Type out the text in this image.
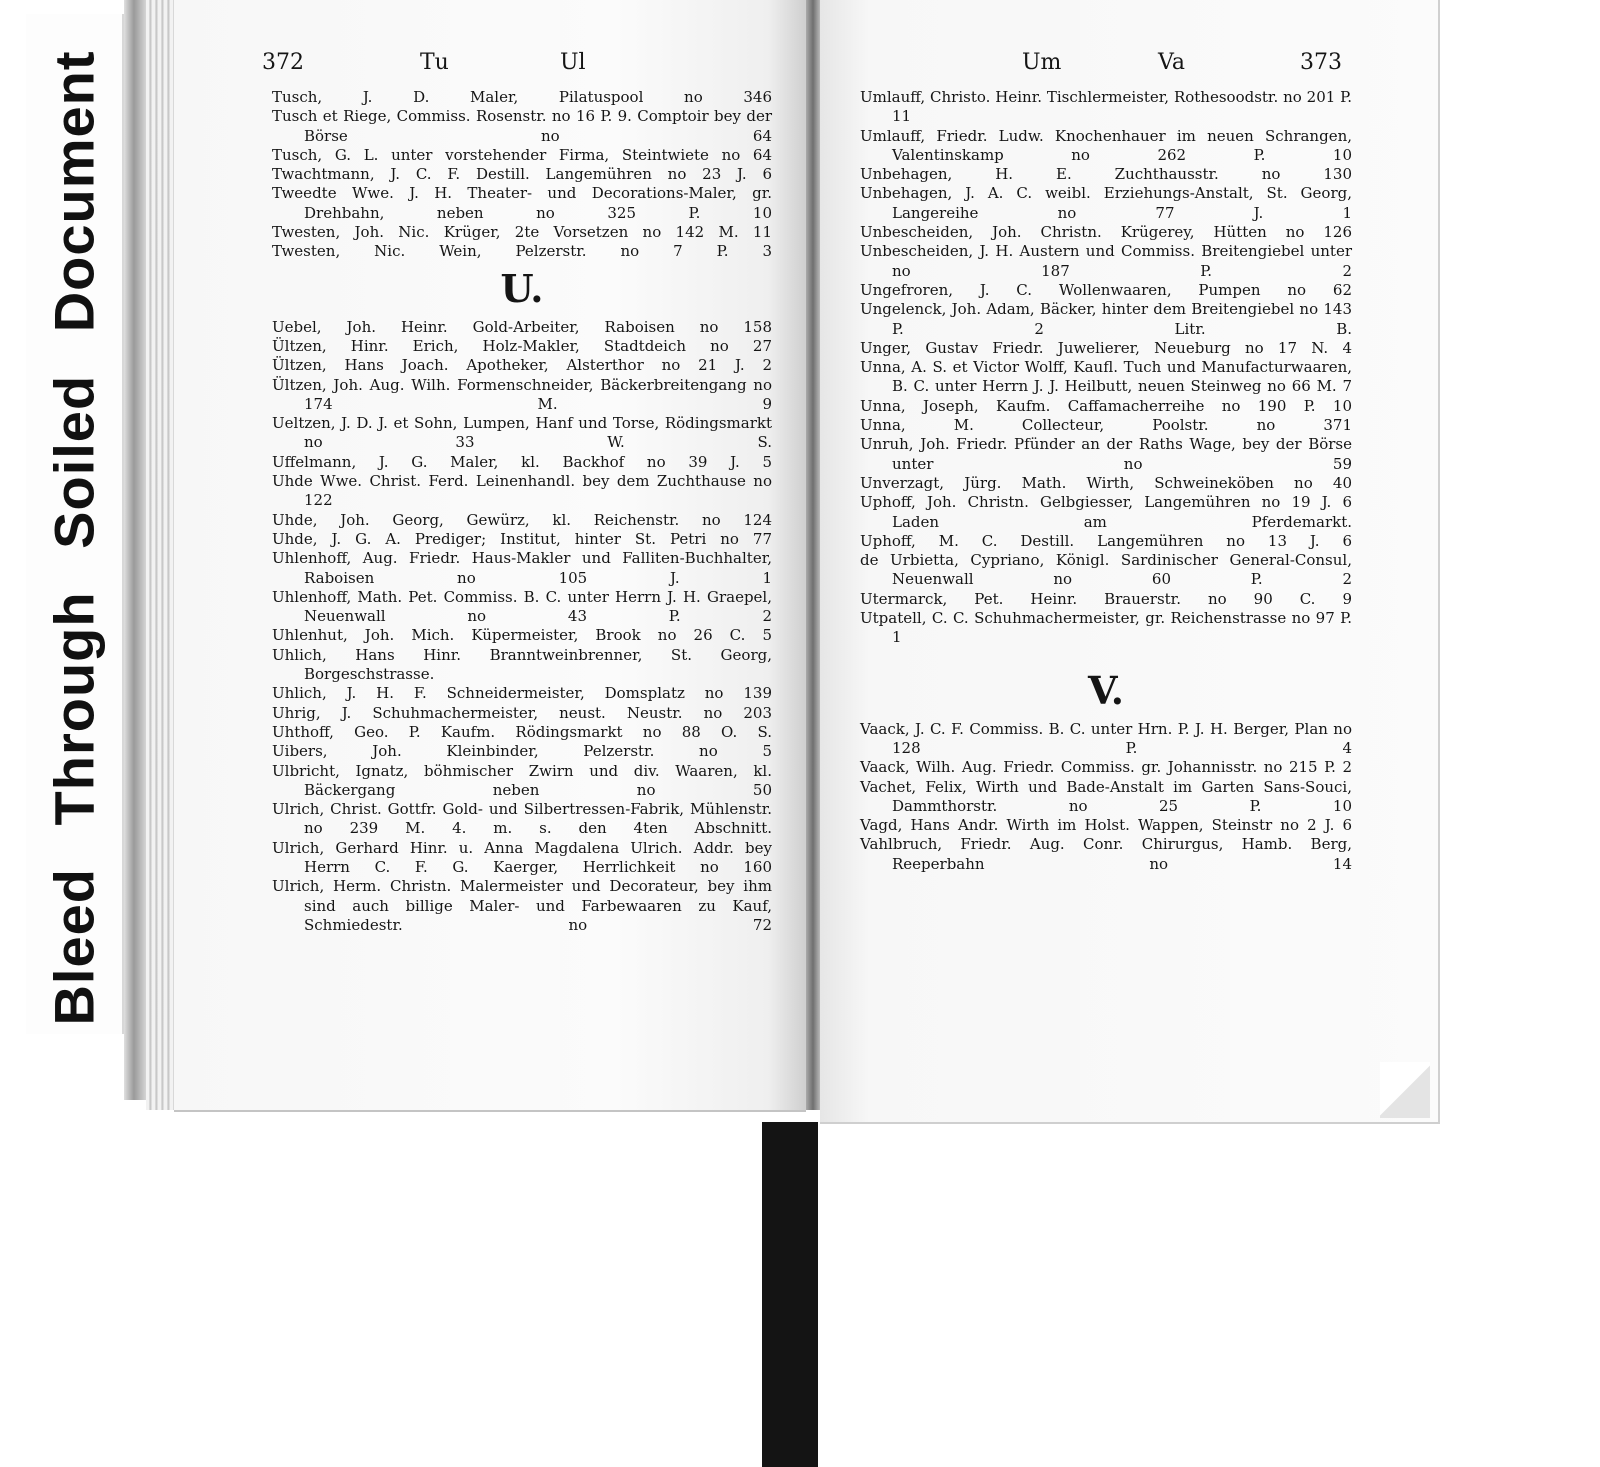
Bleed Through Soiled Document	372	Tu	Ul	Um	Va	373
Tusch, J. D. Maler, Pilatuspool no 346
Tusch et Riege, Commiss. Rosenstr. no 16 P. 9. Comptoir bey der Börse no 64
Tusch, G. L. unter vorstehender Firma, Steintwiete no 64
Twachtmann, J. C. F. Destill. Langemühren no 23 J. 6
Tweedte Wwe. J. H. Theater- und Decorations-Maler, gr. Drehbahn, neben no 325 P. 10
Twesten, Joh. Nic. Krüger, 2te Vorsetzen no 142 M. 11
Twesten, Nic. Wein, Pelzerstr. no 7 P. 3
U.
Uebel, Joh. Heinr. Gold-Arbeiter, Raboisen no 158
Ültzen, Hinr. Erich, Holz-Makler, Stadtdeich no 27
Ültzen, Hans Joach. Apotheker, Alsterthor no 21 J. 2
Ültzen, Joh. Aug. Wilh. Formenschneider, Bäckerbreitengang no 174 M. 9
Ueltzen, J. D. J. et Sohn, Lumpen, Hanf und Torse, Rödingsmarkt no 33 W. S.
Uffelmann, J. G. Maler, kl. Backhof no 39 J. 5
Uhde Wwe. Christ. Ferd. Leinenhandl. bey dem Zuchthause no 122
Uhde, Joh. Georg, Gewürz, kl. Reichenstr. no 124
Uhde, J. G. A. Prediger; Institut, hinter St. Petri no 77
Uhlenhoff, Aug. Friedr. Haus-Makler und Falliten-Buchhalter, Raboisen no 105 J. 1
Uhlenhoff, Math. Pet. Commiss. B. C. unter Herrn J. H. Graepel, Neuenwall no 43 P. 2
Uhlenhut, Joh. Mich. Küpermeister, Brook no 26 C. 5
Uhlich, Hans Hinr. Branntweinbrenner, St. Georg, Borgeschstrasse.
Uhlich, J. H. F. Schneidermeister, Domsplatz no 139
Uhrig, J. Schuhmachermeister, neust. Neustr. no 203
Uhthoff, Geo. P. Kaufm. Rödingsmarkt no 88 O. S.
Uibers, Joh. Kleinbinder, Pelzerstr. no 5
Ulbricht, Ignatz, böhmischer Zwirn und div. Waaren, kl. Bäckergang neben no 50
Ulrich, Christ. Gottfr. Gold- und Silbertressen-Fabrik, Mühlenstr. no 239 M. 4. m. s. den 4ten Abschnitt.
Ulrich, Gerhard Hinr. u. Anna Magdalena Ulrich. Addr. bey Herrn C. F. G. Kaerger, Herrlichkeit no 160
Ulrich, Herm. Christn. Malermeister und Decorateur, bey ihm sind auch billige Maler- und Farbewaaren zu Kauf, Schmiedestr. no 72
Umlauff, Christo. Heinr. Tischlermeister, Rothesoodstr. no 201 P. 11
Umlauff, Friedr. Ludw. Knochenhauer im neuen Schrangen, Valentinskamp no 262 P. 10
Unbehagen, H. E. Zuchthausstr. no 130
Unbehagen, J. A. C. weibl. Erziehungs-Anstalt, St. Georg, Langereihe no 77 J. 1
Unbescheiden, Joh. Christn. Krügerey, Hütten no 126
Unbescheiden, J. H. Austern und Commiss. Breitengiebel unter no 187 P. 2
Ungefroren, J. C. Wollenwaaren, Pumpen no 62
Ungelenck, Joh. Adam, Bäcker, hinter dem Breitengiebel no 143 P. 2 Litr. B.
Unger, Gustav Friedr. Juwelierer, Neueburg no 17 N. 4
Unna, A. S. et Victor Wolff, Kaufl. Tuch und Manufacturwaaren, B. C. unter Herrn J. J. Heilbutt, neuen Steinweg no 66 M. 7
Unna, Joseph, Kaufm. Caffamacherreihe no 190 P. 10
Unna, M. Collecteur, Poolstr. no 371
Unruh, Joh. Friedr. Pfünder an der Raths Wage, bey der Börse unter no 59
Unverzagt, Jürg. Math. Wirth, Schweineköben no 40
Uphoff, Joh. Christn. Gelbgiesser, Langemühren no 19 J. 6 Laden am Pferdemarkt.
Uphoff, M. C. Destill. Langemühren no 13 J. 6
de Urbietta, Cypriano, Königl. Sardinischer General-Consul, Neuenwall no 60 P. 2
Utermarck, Pet. Heinr. Brauerstr. no 90 C. 9
Utpatell, C. C. Schuhmachermeister, gr. Reichenstrasse no 97 P. 1
V.
Vaack, J. C. F. Commiss. B. C. unter Hrn. P. J. H. Berger, Plan no 128 P. 4
Vaack, Wilh. Aug. Friedr. Commiss. gr. Johannisstr. no 215 P. 2
Vachet, Felix, Wirth und Bade-Anstalt im Garten Sans-Souci, Dammthorstr. no 25 P. 10
Vagd, Hans Andr. Wirth im Holst. Wappen, Steinstr no 2 J. 6
Vahlbruch, Friedr. Aug. Conr. Chirurgus, Hamb. Berg, Reeperbahn no 14
